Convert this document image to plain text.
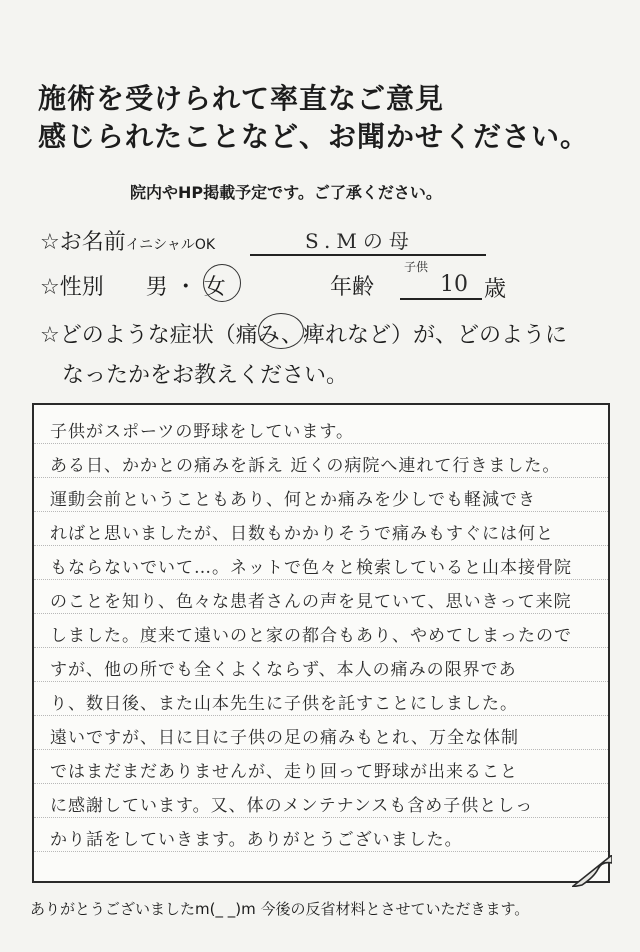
施術を受けられて率直なご意見
感じられたことなど、お聞かせください。
院内やHP掲載予定です。ご了承ください。
☆お名前イニシャルOK	S.Mの母
☆性別 男 ・ 女	年齢
子供
10 歳
☆どのような症状（痛み、痺れなど）が、どのように
なったかをお教えください。
子供がスポーツの野球をしています。
ある日、かかとの痛みを訴え 近くの病院へ連れて行きました。
運動会前ということもあり、何とか痛みを少しでも軽減でき
ればと思いましたが、日数もかかりそうで痛みもすぐには何と
もならないでいて…。ネットで色々と検索していると山本接骨院
のことを知り、色々な患者さんの声を見ていて、思いきって来院
しました。度来て遠いのと家の都合もあり、やめてしまったので
すが、他の所でも全くよくならず、本人の痛みの限界であ
り、数日後、また山本先生に子供を託すことにしました。
遠いですが、日に日に子供の足の痛みもとれ、万全な体制
ではまだまだありませんが、走り回って野球が出来ること
に感謝しています。又、体のメンテナンスも含め子供としっ
かり話をしていきます。ありがとうございました。
ありがとうございましたm(_ _)m 今後の反省材料とさせていただきます。
